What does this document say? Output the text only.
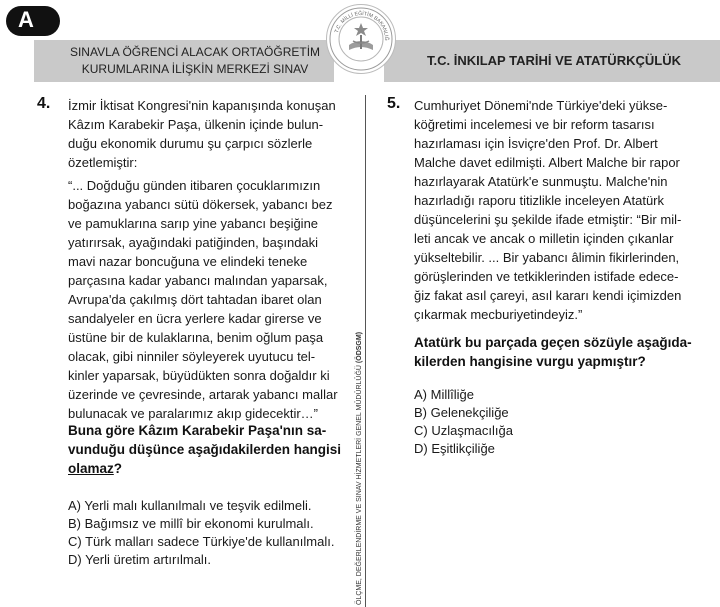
A
SINAVLA ÖĞRENCİ ALACAK ORTAÖĞRETİM
KURUMLARINA İLİŞKİN MERKEZİ SINAV
T.C. İNKILAP TARİHİ VE ATATÜRKÇÜLÜK
T.C. MİLLİ EĞİTİM BAKANLIĞ
ÖLÇME, DEĞERLENDİRME VE SINAV HİZMETLERİ GENEL MÜDÜRLÜĞÜ (ÖDSGM)
4. İzmir İktisat Kongresi'nin kapanışında konuşan

Kâzım Karabekir Paşa, ülkenin içinde bulun-

duğu ekonomik durumu şu çarpıcı sözlerle

özetlemiştir:

“... Doğduğu günden itibaren çocuklarımızın

boğazına yabancı sütü dökersek, yabancı bez

ve pamuklarına sarıp yine yabancı beşiğine

yatırırsak, ayağındaki patiğinden, başındaki

mavi nazar boncuğuna ve elindeki teneke

parçasına kadar yabancı malından yaparsak,

Avrupa'da çakılmış dört tahtadan ibaret olan

sandalyeler en ücra yerlere kadar girerse ve

üstüne bir de kulaklarına, benim oğlum paşa

olacak, gibi ninniler söyleyerek uyutucu tel-

kinler yaparsak, büyüdükten sonra doğaldır ki

üzerinde ve çevresinde, artarak yabancı mallar

bulunacak ve paralarımız akıp gidecektir…”

Buna göre Kâzım Karabekir Paşa'nın sa-
vunduğu düşünce aşağıdakilerden hangisi
olamaz?
A) Yerli malı kullanılmalı ve teşvik edilmeli.
B) Bağımsız ve millî bir ekonomi kurulmalı.
C) Türk malları sadece Türkiye'de kullanılmalı.
D) Yerli üretim artırılmalı.
5. Cumhuriyet Dönemi'nde Türkiye'deki yükse-

köğretimi incelemesi ve bir reform tasarısı

hazırlaması için İsviçre'den Prof. Dr. Albert

Malche davet edilmişti. Albert Malche bir rapor

hazırlayarak Atatürk'e sunmuştu. Malche'nin

hazırladığı raporu titizlikle inceleyen Atatürk

düşüncelerini şu şekilde ifade etmiştir: “Bir mil-

leti ancak ve ancak o milletin içinden çıkanlar

yükseltebilir. ... Bir yabancı âlimin fikirlerinden,

görüşlerinden ve tetkiklerinden istifade edece-

ğiz fakat asıl çareyi, asıl kararı kendi içimizden

çıkarmak mecburiyetindeyiz.”

Atatürk bu parçada geçen sözüyle aşağıda-
kilerden hangisine vurgu yapmıştır?
A) Millîliğe
B) Gelenekçiliğe
C) Uzlaşmacılığa
D) Eşitlikçiliğe
